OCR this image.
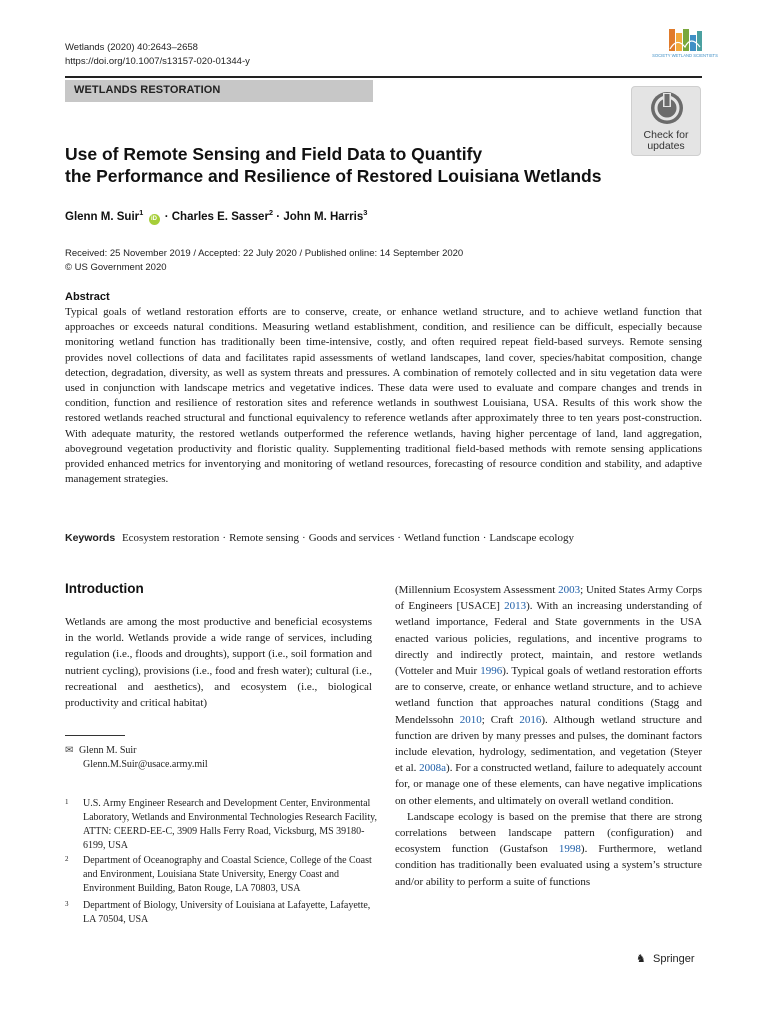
Wetlands (2020) 40:2643–2658
https://doi.org/10.1007/s13157-020-01344-y
SOCIETY WETLAND SCIENTISTS
WETLANDS RESTORATION
Check for
updates
Use of Remote Sensing and Field Data to Quantify
the Performance and Resilience of Restored Louisiana Wetlands
Glenn M. Suir$^1$ iD · Charles E. Sasser$^2$ · John M. Harris$^3$
Received: 25 November 2019 / Accepted: 22 July 2020 / Published online: 14 September 2020
© US Government 2020
Abstract
Typical goals of wetland restoration efforts are to conserve, create, or enhance wetland structure, and to achieve wetland function that approaches or exceeds natural conditions. Measuring wetland establishment, condition, and resilience can be difficult, especially because monitoring wetland function has traditionally been time-intensive, costly, and often required repeat field-based surveys. Remote sensing provides novel collections of data and facilitates rapid assessments of wetland landscapes, land cover, species/habitat composition, change detection, degradation, diversity, as well as system threats and pressures. A combination of remotely collected and in situ vegetation data were used in conjunction with landscape metrics and vegetative indices. These data were used to evaluate and compare changes and trends in condition, function and resilience of restoration sites and reference wetlands in southwest Louisiana, USA. Results of this work show the restored wetlands reached structural and functional equivalency to reference wetlands after approximately three to ten years post-construction. With adequate maturity, the restored wetlands outperformed the reference wetlands, having higher percentage of land, land aggregation, aboveground vegetation productivity and floristic quality. Supplementing traditional field-based methods with remote sensing applications provided enhanced metrics for inventorying and monitoring of wetland resources, forecasting of resource condition and stability, and adaptive management strategies.
Keywords Ecosystem restoration · Remote sensing · Goods and services · Wetland function · Landscape ecology
Introduction
Wetlands are among the most productive and beneficial ecosystems in the world. Wetlands provide a wide range of services, including regulation (i.e., floods and droughts), support (i.e., soil formation and nutrient cycling), provisions (i.e., food and fresh water); cultural (i.e., recreational and aesthetics), and ecosystem (i.e., biological productivity and critical habitat)

(Millennium Ecosystem Assessment 2003; United States Army Corps of Engineers [USACE] 2013). With an increasing understanding of wetland importance, Federal and State governments in the USA enacted various policies, regulations, and incentive programs to directly and indirectly protect, maintain, and restore wetlands (Votteler and Muir 1996). Typical goals of wetland restoration efforts are to conserve, create, or enhance wetland structure, and to achieve wetland function that approaches natural conditions (Stagg and Mendelssohn 2010; Craft 2016). Although wetland structure and function are driven by many presses and pulses, the dominant factors include elevation, hydrology, sedimentation, and vegetation (Steyer et al. 2008a). For a constructed wetland, failure to adequately account for, or manage one of these elements, can have negative implications on other elements, and ultimately on overall wetland condition.

Landscape ecology is based on the premise that there are strong correlations between landscape pattern (configuration) and ecosystem function (Gustafson 1998). Furthermore, wetland condition has traditionally been evaluated using a system’s structure and/or ability to perform a suite of functions

✉ Glenn M. Suir
Glenn.M.Suir@usace.army.mil
1 U.S. Army Engineer Research and Development Center, Environmental Laboratory, Wetlands and Environmental Technologies Research Facility, ATTN: CEERD-EE-C, 3909 Halls Ferry Road, Vicksburg, MS 39180-6199, USA
2 Department of Oceanography and Coastal Science, College of the Coast and Environment, Louisiana State University, Energy Coast and Environment Building, Baton Rouge, LA 70803, USA
3 Department of Biology, University of Louisiana at Lafayette, Lafayette, LA 70504, USA
♞ Springer
